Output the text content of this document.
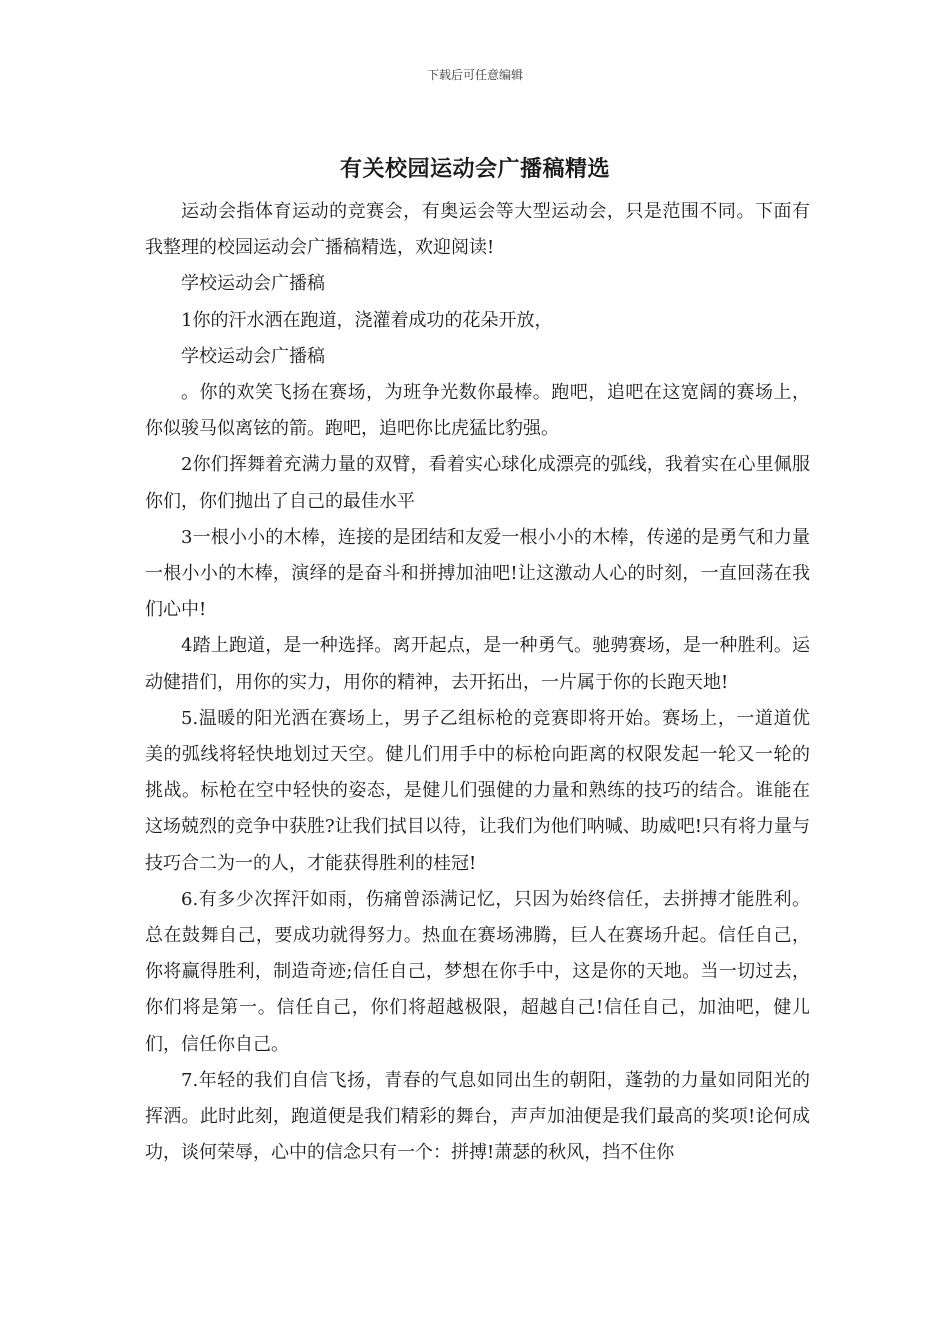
下载后可任意编辑
有关校园运动会广播稿精选

运动会指体育运动的竞赛会，有奥运会等大型运动会，只是范围不同。下面有我整理的校园运动会广播稿精选，欢迎阅读!

学校运动会广播稿

1你的汗水洒在跑道，浇灌着成功的花朵开放，

学校运动会广播稿

。你的欢笑飞扬在赛场，为班争光数你最棒。跑吧，追吧在这宽阔的赛场上，你似骏马似离铉的箭。跑吧，追吧你比虎猛比豹强。

2你们挥舞着充满力量的双臂，看着实心球化成漂亮的弧线，我着实在心里佩服你们，你们抛出了自己的最佳水平

3一根小小的木棒，连接的是团结和友爱一根小小的木棒，传递的是勇气和力量一根小小的木棒，演绎的是奋斗和拼搏加油吧!让这激动人心的时刻，一直回荡在我们心中!

4踏上跑道，是一种选择。离开起点，是一种勇气。驰骋赛场，是一种胜利。运动健措们，用你的实力，用你的精神，去开拓出，一片属于你的长跑天地!

5.温暖的阳光洒在赛场上，男子乙组标枪的竞赛即将开始。赛场上，一道道优美的弧线将轻快地划过天空。健儿们用手中的标枪向距离的权限发起一轮又一轮的挑战。标枪在空中轻快的姿态，是健儿们强健的力量和熟练的技巧的结合。谁能在这场兢烈的竞争中获胜?让我们拭目以待，让我们为他们呐喊、助威吧!只有将力量与技巧合二为一的人，才能获得胜利的桂冠!

6.有多少次挥汗如雨，伤痛曾添满记忆，只因为始终信任，去拼搏才能胜利。总在鼓舞自己，要成功就得努力。热血在赛场沸腾，巨人在赛场升起。信任自己，你将赢得胜利，制造奇迹;信任自己，梦想在你手中，这是你的天地。当一切过去，你们将是第一。信任自己，你们将超越极限，超越自己!信任自己，加油吧，健儿们，信任你自己。

7.年轻的我们自信飞扬，青春的气息如同出生的朝阳，蓬勃的力量如同阳光的挥洒。此时此刻，跑道便是我们精彩的舞台，声声加油便是我们最高的奖项!论何成功，谈何荣辱，心中的信念只有一个：拼搏!萧瑟的秋风，挡不住你
